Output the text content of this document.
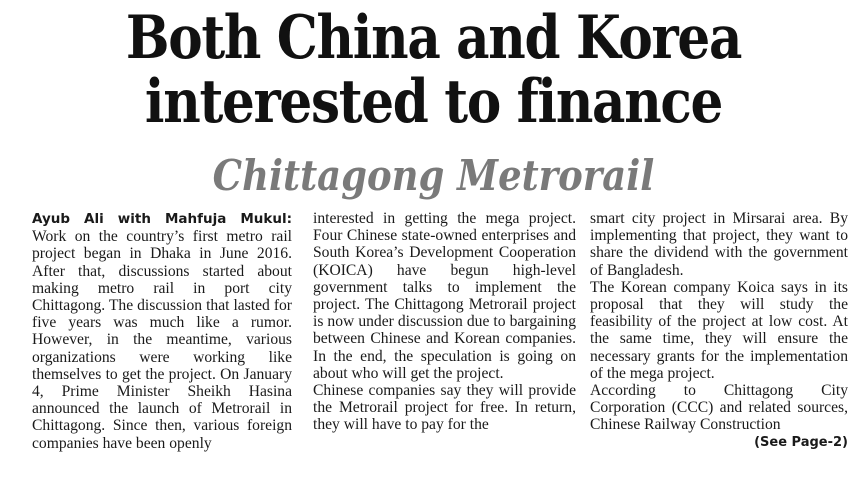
Both China and Korea
interested to finance
Chittagong Metrorail

Ayub Ali with Mahfuja Mukul: Work on the country’s first metro rail project began in Dhaka in June 2016. After that, discussions started about making metro rail in port city Chittagong. The discussion that lasted for five years was much like a rumor. However, in the meantime, various organizations were working like themselves to get the project. On January 4, Prime Minister Sheikh Hasina announced the launch of Metrorail in Chittagong. Since then, various foreign companies have been openly

interested in getting the mega project. Four Chinese state-owned enterprises and South Korea’s Development Cooperation (KOICA) have begun high-level government talks to implement the project. The Chittagong Metrorail project is now under discussion due to bargaining between Chinese and Korean companies. In the end, the speculation is going on about who will get the project.

Chinese companies say they will provide the Metrorail project for free. In return, they will have to pay for the

smart city project in Mirsarai area. By implementing that project, they want to share the dividend with the government of Bangladesh.

The Korean company Koica says in its proposal that they will study the feasibility of the project at low cost. At the same time, they will ensure the necessary grants for the implementation of the mega project.

According to Chittagong City Corporation (CCC) and related sources, Chinese Railway Construction
(See Page-2)
